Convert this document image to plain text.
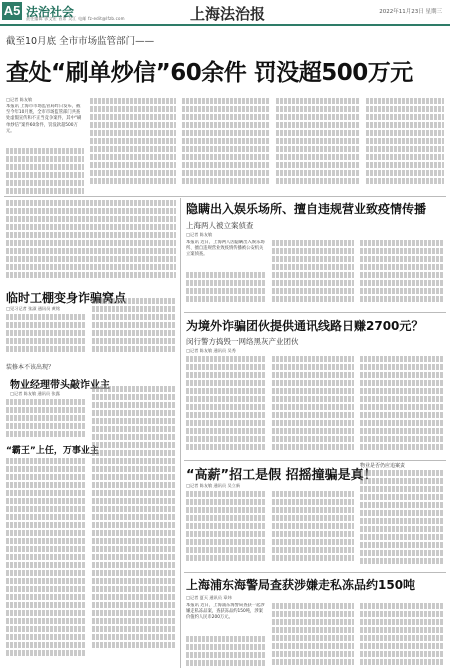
A5 法治社会
责任编辑 郭文宏 首席 吴江 电邮 fz-edit@lfzb.com	上海法治报	2022年11月23日 星期三
截至10月底 全市市场监管部门——
查处“刷单炒信”60余件 罚没超500万元
□记者 陈友敏
本报讯 上海市市场监管局昨日发布，截至今年10月底，全市市场监管部门共查处虚假宣传和不正当竞争案件，其中“刷单炒信”案件60余件，罚没款超500万元。
隐瞒出入娱乐场所、擅自违规营业致疫情传播
上海两人被立案侦查
□记者 陈友敏
本报讯 近日，上海两人因隐瞒出入娱乐场所、擅自违规营业致疫情传播被公安机关立案侦查。
临时工棚变身诈骗窝点
□见习记者 张淑 通讯员 黄铭
装修本不该出现？
物业经理带头敲诈业主
□记者 陈友敏 通讯员 张露
“霸王”上任，万事业主
为境外诈骗团伙提供通讯线路日赚2700元？
闵行警方捣毁一网络黑灰产业团伙
□记者 陈友敏 通讯员 吴秀
“高薪”招工是假 招摇撞骗是真！
□记者 陈友敏 通讯员 吴立新
物业是否仍应追案责
上海浦东海警局查获涉嫌走私冻品约150吨
□记者 夏天 通讯员 章炜
本报讯 近日，上海浦东海警局查获一起涉嫌走私冻品案，查获冻品约150吨，涉案价值约人民币200万元。
